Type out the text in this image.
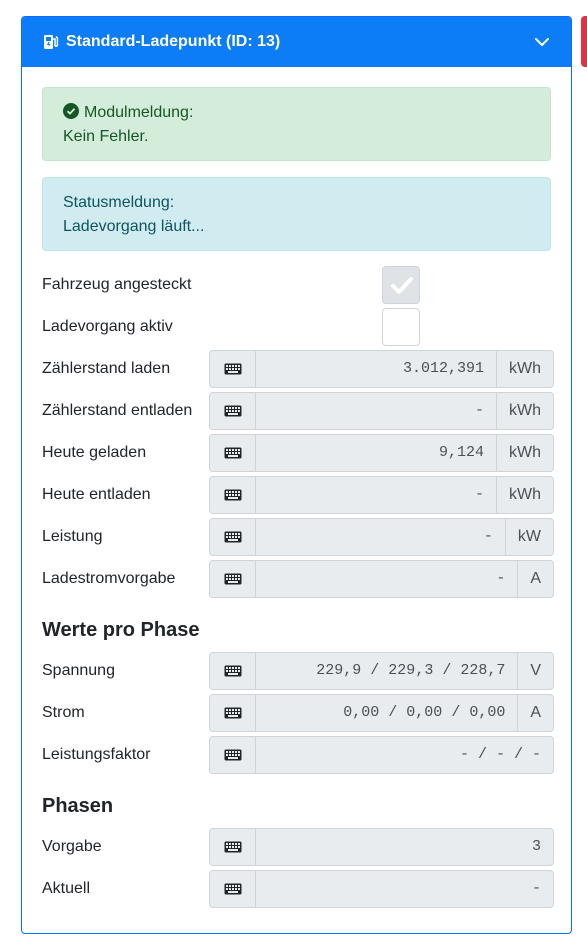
Standard-Ladepunkt (ID: 13)
Modulmeldung:
Kein Fehler.
Statusmeldung:
Ladevorgang läuft...
Fahrzeug angesteckt
Ladevorgang aktiv
Zählerstand laden	3.012,391	kWh
Zählerstand entladen	-	kWh
Heute geladen	9,124	kWh
Heute entladen	-	kWh
Leistung	-	kW
Ladestromvorgabe	-	A
Werte pro Phase
Spannung	229,9 / 229,3 / 228,7	V
Strom	0,00 / 0,00 / 0,00	A
Leistungsfaktor	- / - / -
Phasen
Vorgabe	3
Aktuell	-
